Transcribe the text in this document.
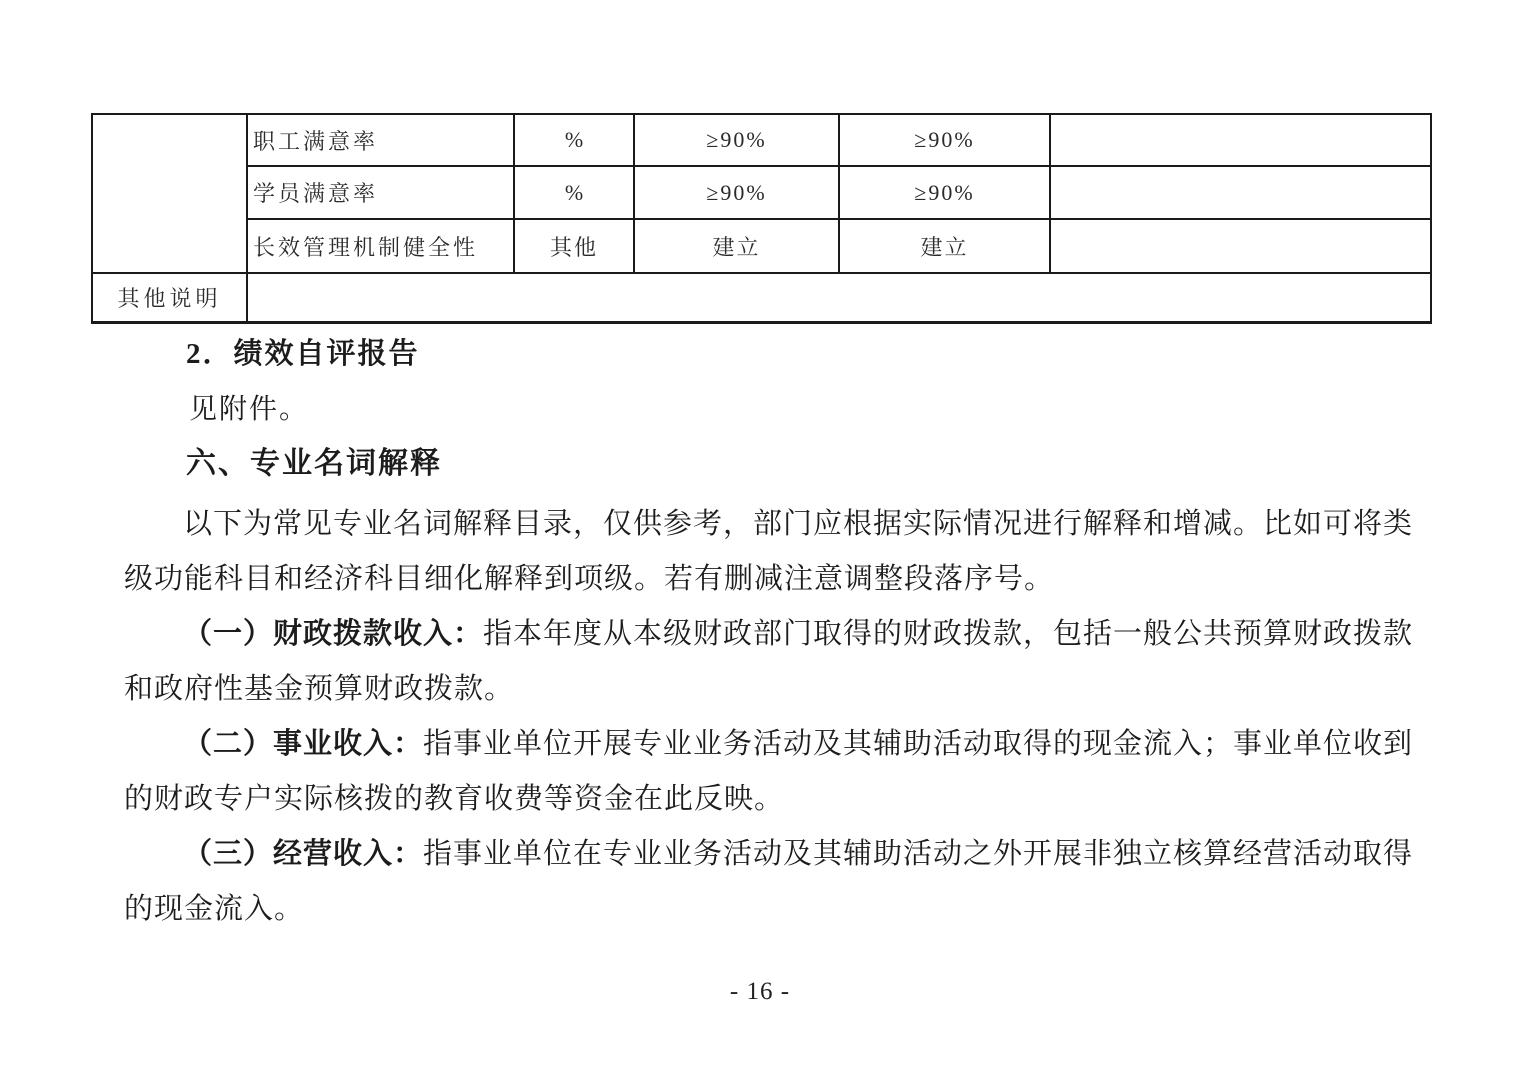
	职工满意率	%	≥90%	≥90%	
	学员满意率	%	≥90%	≥90%	
	长效管理机制健全性	其他	建立	建立	
其他说明					
2．绩效自评报告
见附件。
六、专业名词解释
以下为常见专业名词解释目录，仅供参考，部门应根据实际情况进行解释和增减。比如可将类
级功能科目和经济科目细化解释到项级。若有删减注意调整段落序号。
（一）财政拨款收入：指本年度从本级财政部门取得的财政拨款，包括一般公共预算财政拨款
和政府性基金预算财政拨款。
（二）事业收入：指事业单位开展专业业务活动及其辅助活动取得的现金流入；事业单位收到
的财政专户实际核拨的教育收费等资金在此反映。
（三）经营收入：指事业单位在专业业务活动及其辅助活动之外开展非独立核算经营活动取得
的现金流入。
- 16 -
